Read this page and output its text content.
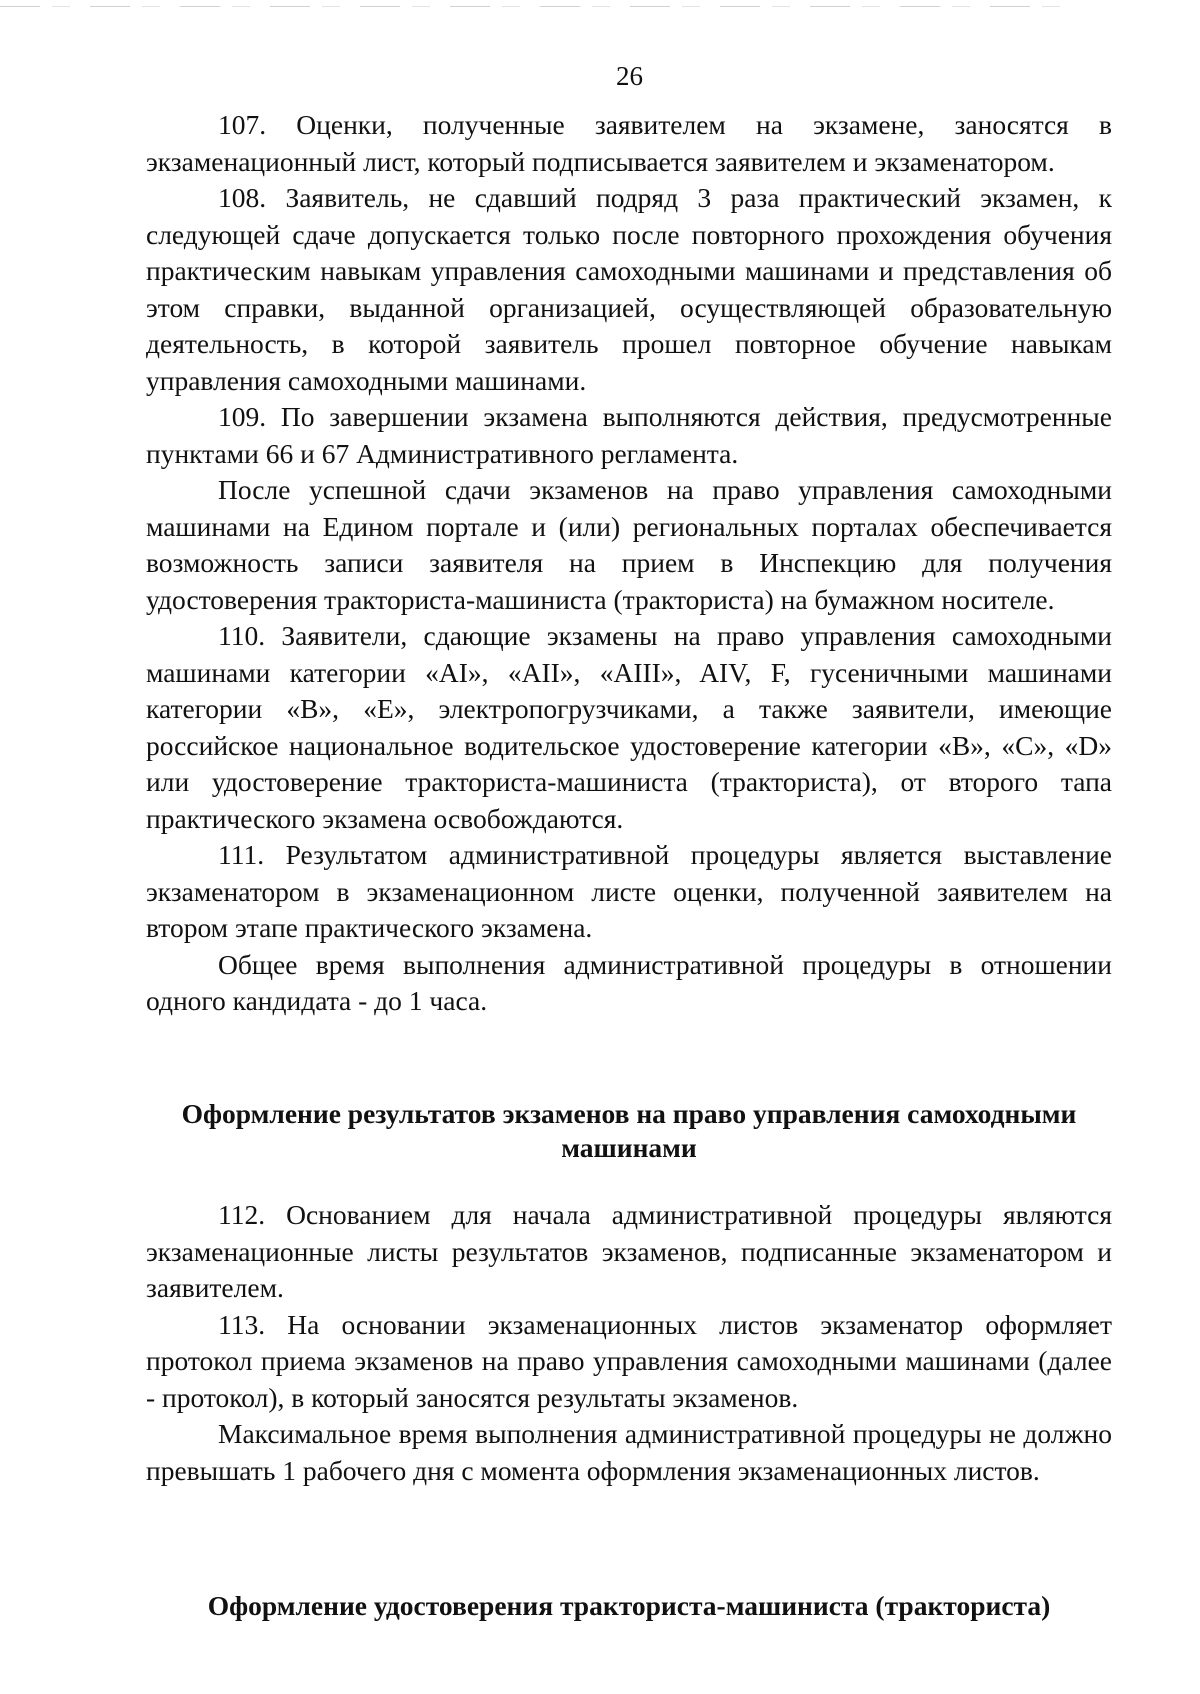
26

107. Оценки, полученные заявителем на экзамене, заносятся в экзаменационный лист, который подписывается заявителем и экзаменатором.

108. Заявитель, не сдавший подряд 3 раза практический экзамен, к следующей сдаче допускается только после повторного прохождения обучения практическим навыкам управления самоходными машинами и представления об этом справки, выданной организацией, осуществляющей образовательную деятельность, в которой заявитель прошел повторное обучение навыкам управления самоходными машинами.

109. По завершении экзамена выполняются действия, предусмотренные пунктами 66 и 67 Административного регламента.

После успешной сдачи экзаменов на право управления самоходными машинами на Едином портале и (или) региональных порталах обеспечивается возможность записи заявителя на прием в Инспекцию для получения удостоверения тракториста-машиниста (тракториста) на бумажном носителе.

110. Заявители, сдающие экзамены на право управления самоходными машинами категории «AI», «AII», «AIII», AIV, F, гусеничными машинами категории «B», «E», электропогрузчиками, а также заявители, имеющие российское национальное водительское удостоверение категории «B», «C», «D» или удостоверение тракториста-машиниста (тракториста), от второго тапа практического экзамена освобождаются.

111. Результатом административной процедуры является выставление экзаменатором в экзаменационном листе оценки, полученной заявителем на втором этапе практического экзамена.

Общее время выполнения административной процедуры в отношении одного кандидата - до 1 часа.

Оформление результатов экзаменов на право управления самоходными машинами

112. Основанием для начала административной процедуры являются экзаменационные листы результатов экзаменов, подписанные экзаменатором и заявителем.

113. На основании экзаменационных листов экзаменатор оформляет протокол приема экзаменов на право управления самоходными машинами (далее - протокол), в который заносятся результаты экзаменов.

Максимальное время выполнения административной процедуры не должно превышать 1 рабочего дня с момента оформления экзаменационных листов.

Оформление удостоверения тракториста-машиниста (тракториста)
